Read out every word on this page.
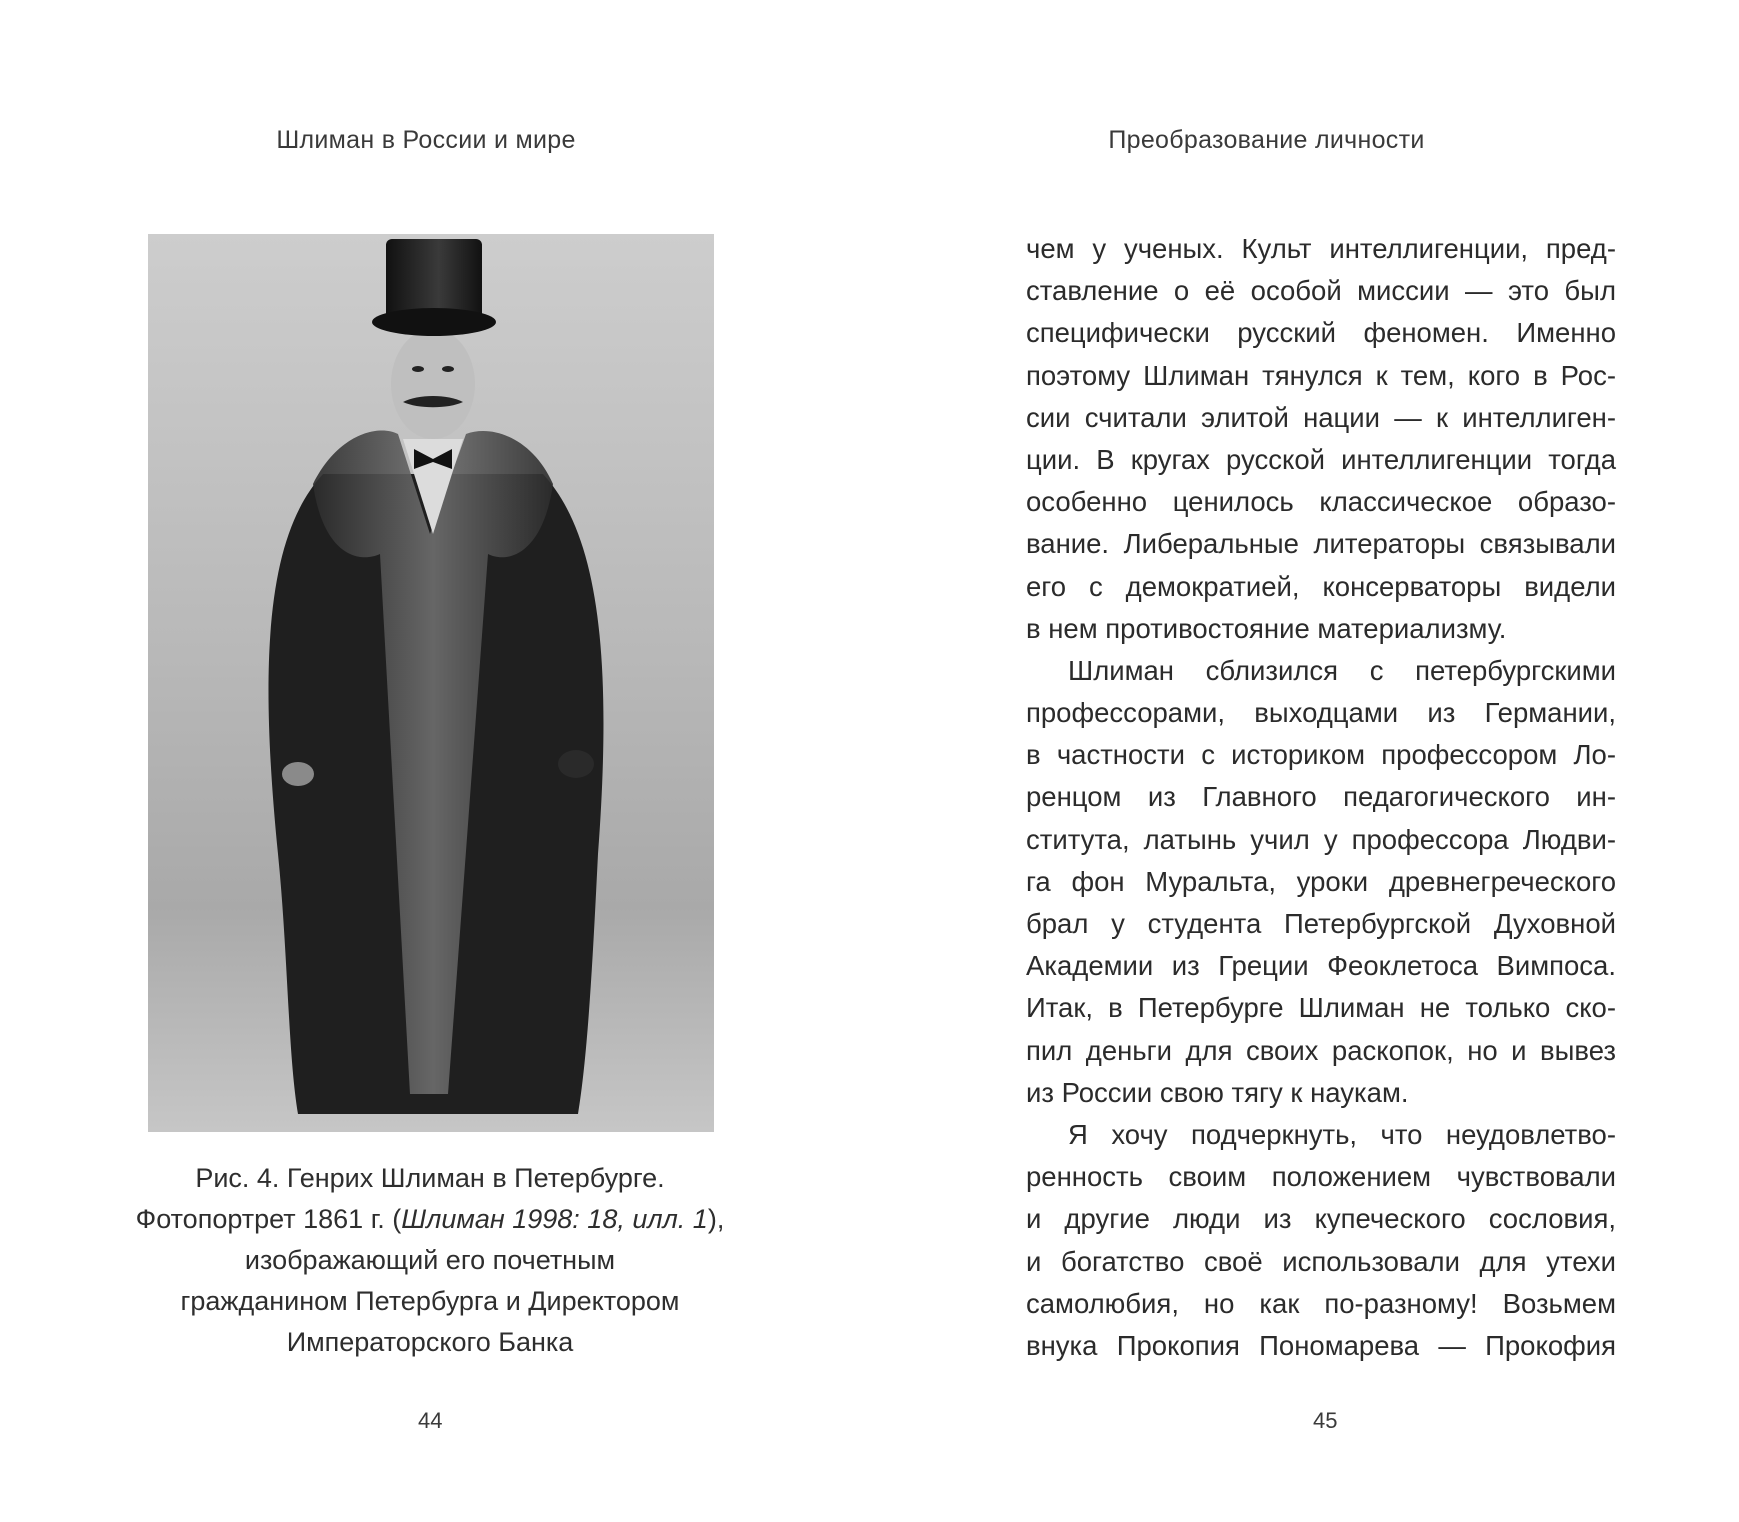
Шлиман в России и мире
Рис. 4. Генрих Шлиман в Петербурге.
Фотопортрет 1861 г. (Шлиман 1998: 18, илл. 1),
изображающий его почетным
гражданином Петербурга и Директором
Императорского Банка
44
Преобразование личности
чем у ученых. Культ интеллигенции, пред-
ставление о её особой миссии — это был
специфически русский феномен. Именно
поэтому Шлиман тянулся к тем, кого в Рос-
сии считали элитой нации — к интеллиген-
ции. В кругах русской интеллигенции тогда
особенно ценилось классическое образо-
вание. Либеральные литераторы связывали
его с демократией, консерваторы видели
в нем противостояние материализму.
Шлиман сблизился с петербургскими
профессорами, выходцами из Германии,
в частности с историком профессором Ло-
ренцом из Главного педагогического ин-
ститута, латынь учил у профессора Людви-
га фон Муральта, уроки древнегреческого
брал у студента Петербургской Духовной
Академии из Греции Феоклетоса Вимпоса.
Итак, в Петербурге Шлиман не только ско-
пил деньги для своих раскопок, но и вывез
из России свою тягу к наукам.
Я хочу подчеркнуть, что неудовлетво-
ренность своим положением чувствовали
и другие люди из купеческого сословия,
и богатство своё использовали для утехи
самолюбия, но как по-разному! Возьмем
внука Прокопия Пономарева — Прокофия
45
